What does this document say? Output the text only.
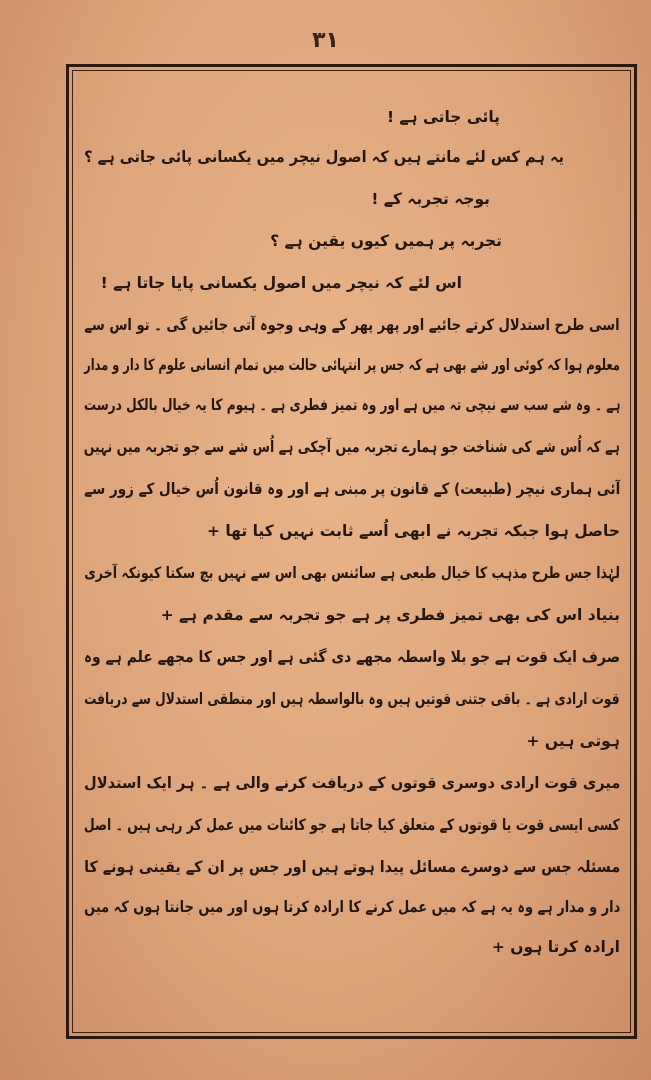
۳۱
پائی جاتی ہے !
یہ ہم کس لئے مانتے ہیں کہ اصول نیچر میں یکسانی پائی جاتی ہے ؟
بوجہ تجربہ کے !
تجربہ پر ہمیں کیوں یقین ہے ؟
اس لئے کہ نیچر میں اصول یکسانی پایا جاتا ہے !
اسی طرح استدلال کرتے جائیے اور پھر پھر کے وہی وجوہ آتی جائیں گی ۔ تو اس سے
معلوم ہوا کہ کوئی اور شے بھی ہے کہ جس پر انتہائی حالت میں تمام انسانی علوم کا دار و مدار
ہے ۔ وہ شے سب سے نیچی تہ میں ہے اور وہ تمیز فطری ہے ۔ ہیوم کا یہ خیال بالکل درست
ہے کہ اُس شے کی شناخت جو ہمارے تجربہ میں آچکی ہے اُس شے سے جو تجربہ میں نہیں
آئی ہماری نیچر (طبیعت) کے قانون پر مبنی ہے اور وہ قانون اُس خیال کے زور سے
حاصل ہوا جبکہ تجربہ نے ابھی اُسے ثابت نہیں کیا تھا +
لہٰذا جس طرح مذہب کا خیال طبعی ہے سائنس بھی اس سے نہیں بچ سکتا کیونکہ آخری
بنیاد اس کی بھی تمیز فطری پر ہے جو تجربہ سے مقدم ہے +
صرف ایک قوت ہے جو بلا واسطہ مجھے دی گئی ہے اور جس کا مجھے علم ہے وہ
قوت ارادی ہے ۔ باقی جتنی قوتیں ہیں وہ بالواسطہ ہیں اور منطقی استدلال سے دریافت
ہوتی ہیں +
میری قوت ارادی دوسری قوتوں کے دریافت کرنے والی ہے ۔ ہر ایک استدلال
کسی ایسی قوت یا قوتوں کے متعلق کیا جاتا ہے جو کائنات میں عمل کر رہی ہیں ۔ اصل
مسئلہ جس سے دوسرے مسائل پیدا ہوتے ہیں اور جس پر ان کے یقینی ہونے کا
دار و مدار ہے وہ یہ ہے کہ میں عمل کرنے کا ارادہ کرتا ہوں اور میں جانتا ہوں کہ میں
ارادہ کرتا ہوں +
